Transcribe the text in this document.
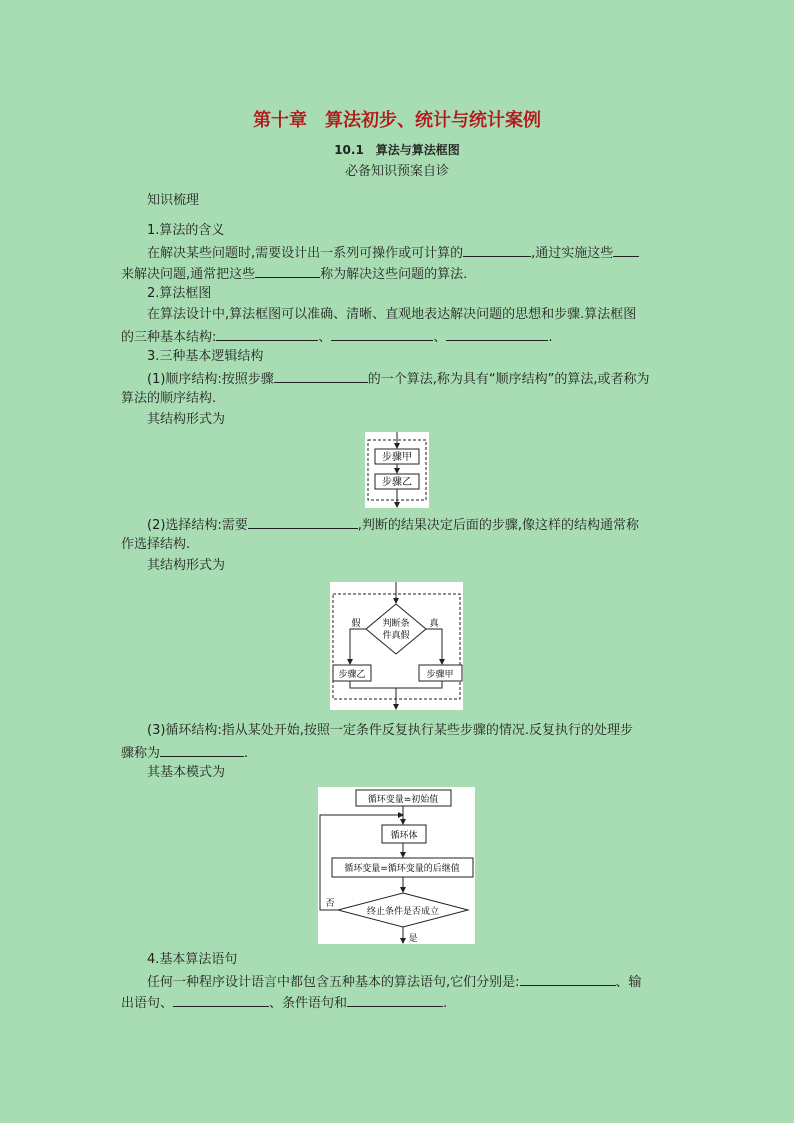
第十章　算法初步、统计与统计案例
10.1　算法与算法框图
必备知识预案自诊
知识梳理
1.算法的含义
在解决某些问题时,需要设计出一系列可操作或可计算的	,通过实施这些
来解决问题,通常把这些	称为解决这些问题的算法.
2.算法框图
在算法设计中,算法框图可以准确、清晰、直观地表达解决问题的思想和步骤.算法框图
的三种基本结构:	、	、	.
3.三种基本逻辑结构
(1)顺序结构:按照步骤	的一个算法,称为具有“顺序结构”的算法,或者称为
算法的顺序结构.
其结构形式为
步骤甲
步骤乙
(2)选择结构:需要	,判断的结果决定后面的步骤,像这样的结构通常称
作选择结构.
其结构形式为
判断条
件真假
假	真
步骤乙	步骤甲
(3)循环结构:指从某处开始,按照一定条件反复执行某些步骤的情况.反复执行的处理步
骤称为	.
其基本模式为
循环变量=初始值
循环体
循环变量=循环变量的后继值
终止条件是否成立
否
是
4.基本算法语句
任何一种程序设计语言中都包含五种基本的算法语句,它们分别是:	、输
出语句、	、条件语句和	.
